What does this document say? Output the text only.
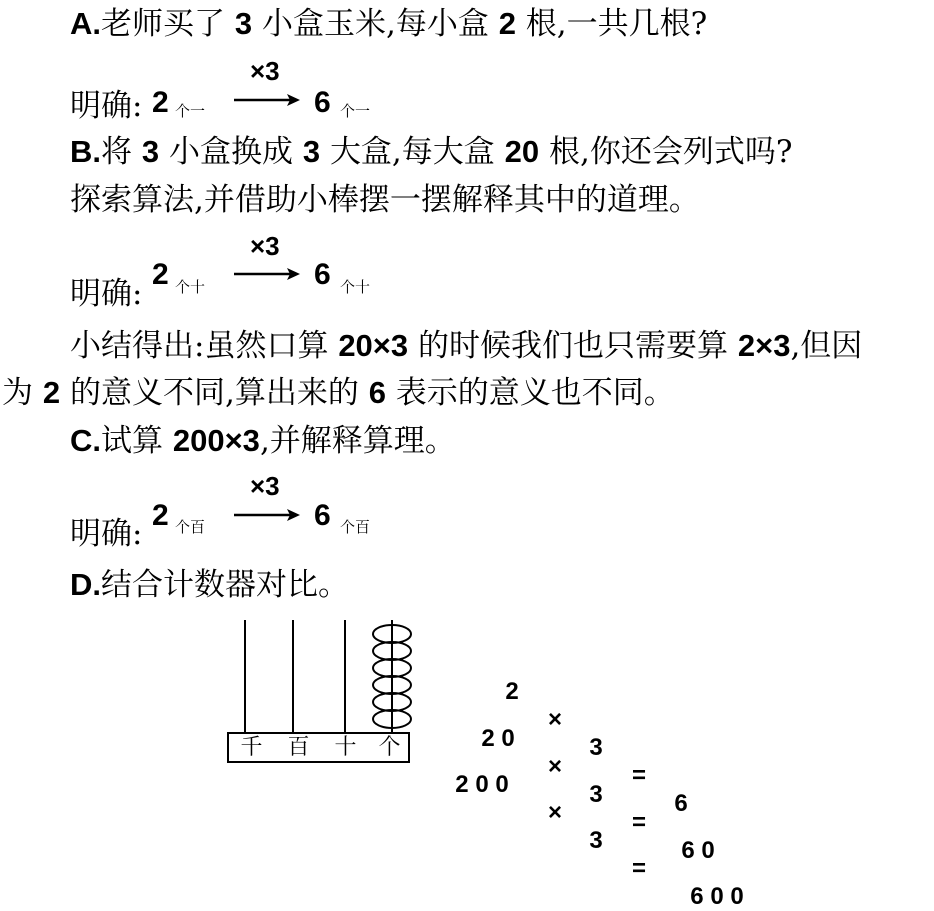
A.老师买了 3 小盒玉米,每小盒 2 根,一共几根?
明确: 2 个一
×3
6 个一
B.将 3 小盒换成 3 大盒,每大盒 20 根,你还会列式吗?
探索算法,并借助小棒摆一摆解释其中的道理。
明确:
2 个十
×3
6 个十
小结得出:虽然口算 20×3 的时候我们也只需要算 2×3,但因
为 2 的意义不同,算出来的 6 表示的意义也不同。
C.试算 200×3,并解释算理。
明确:
2 个百
×3
6 个百
D.结合计数器对比。
千	百	十 个

2

×

3

=

6

2 0

×

3

=

6 0

2 0 0

×

3

=

6 0 0
